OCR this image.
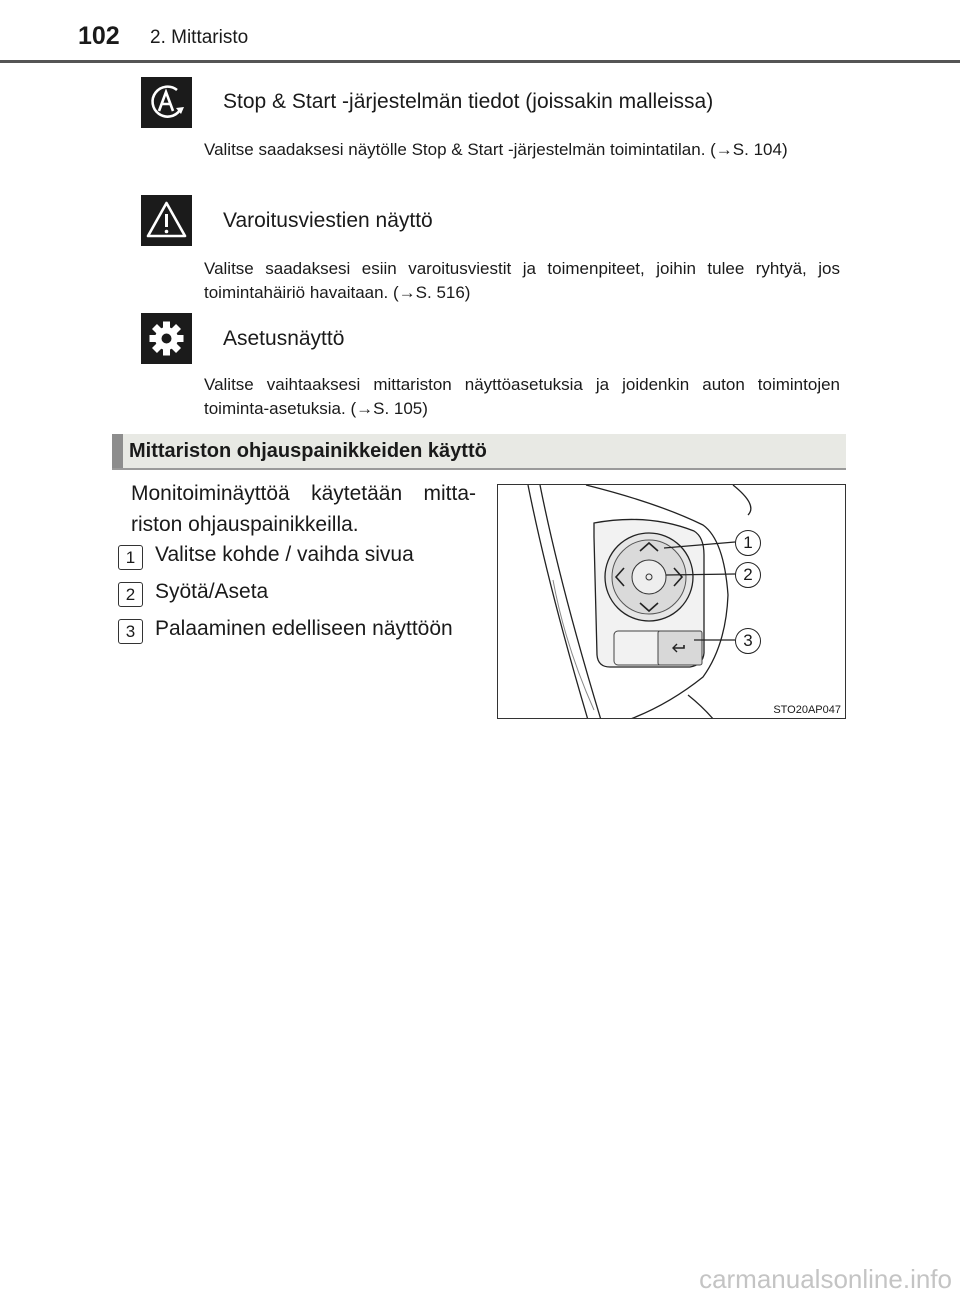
102 2. Mittaristo
Stop & Start -järjestelmän tiedot (joissakin malleissa)
Valitse saadaksesi näytölle Stop & Start -järjestelmän toimintatilan. (→S. 104)
Varoitusviestien näyttö
Valitse saadaksesi esiin varoitusviestit ja toimenpiteet, joihin tulee ryhtyä, jos toimintahäiriö havaitaan. (→S. 516)
Asetusnäyttö
Valitse vaihtaaksesi mittariston näyttöasetuksia ja joidenkin auton toimintojen toiminta-asetuksia. (→S. 105)
Mittariston ohjauspainikkeiden käyttö
Monitoiminäyttöä käytetään mittariston ohjauspainikkeilla.
1 Valitse kohde / vaihda sivua
2 Syötä/Aseta
3 Palaaminen edelliseen näyttöön
1
2
3
STO20AP047
carmanualsonline.info
